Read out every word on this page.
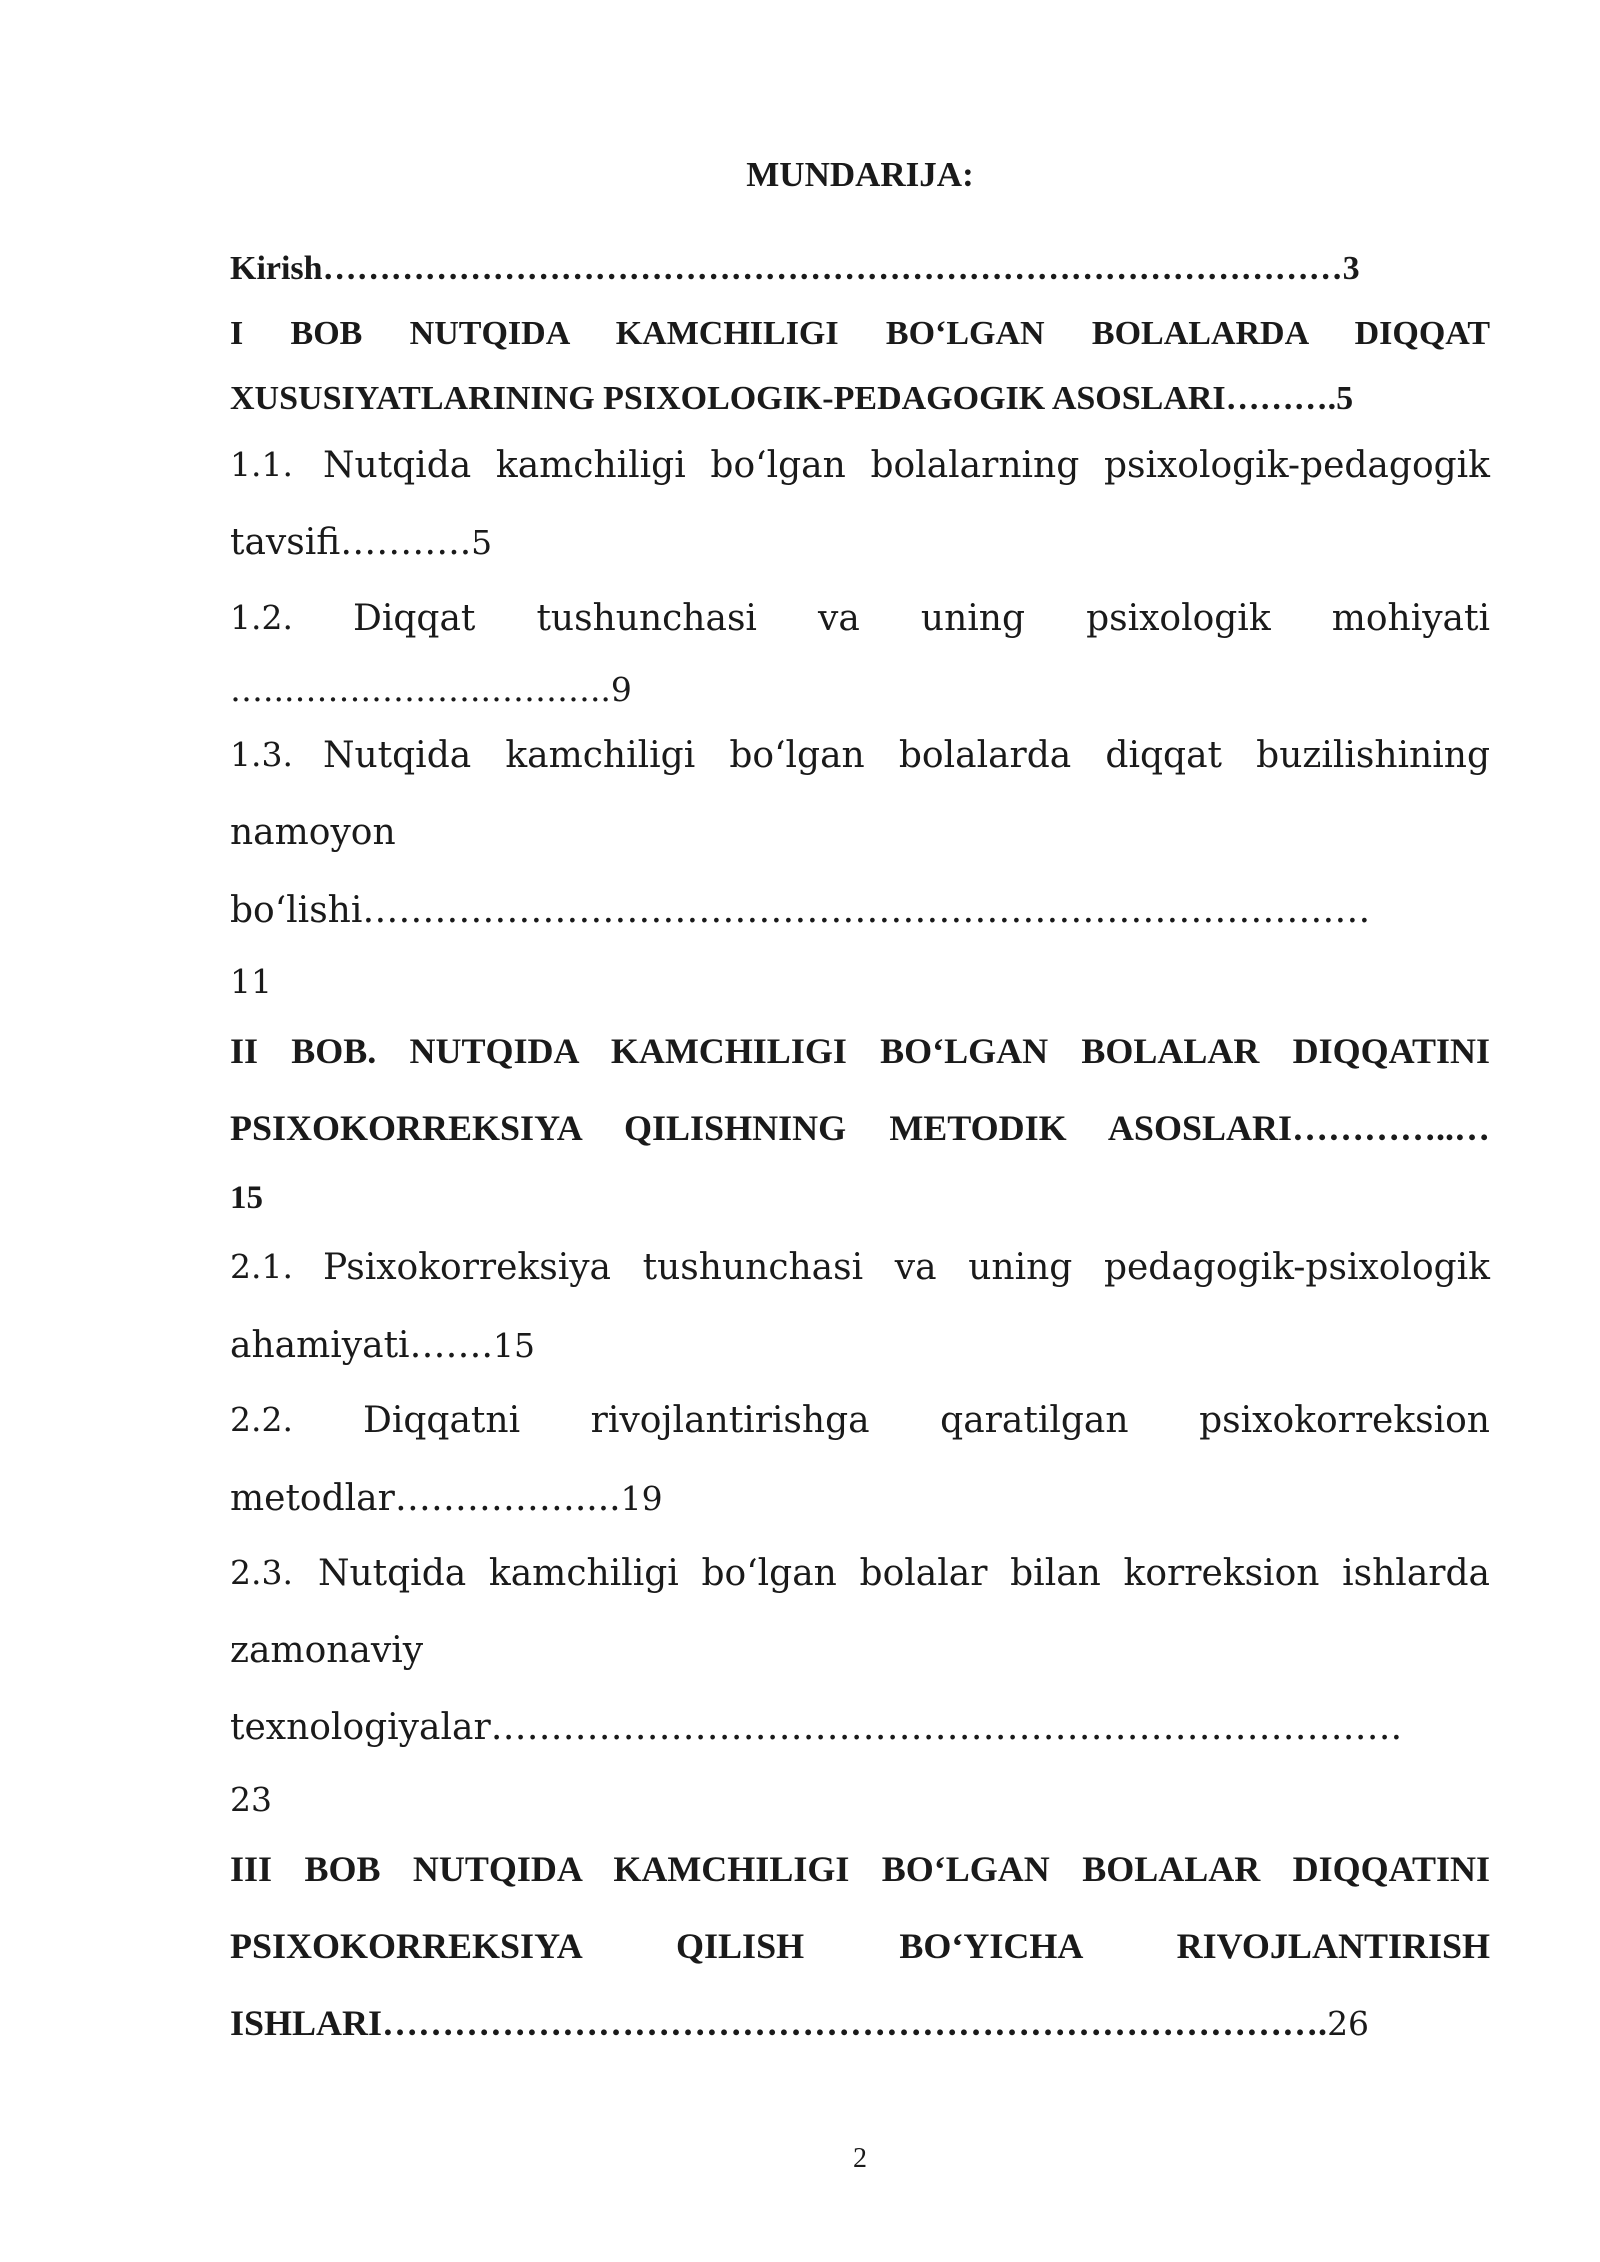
MUNDARIJA:
Kirish………………………………………………………………………………3
I BOB NUTQIDA KAMCHILIGI BO‘LGAN BOLALARDA DIQQAT
XUSUSIYATLARINING PSIXOLOGIK-PEDAGOGIK ASOSLARI……….5
1.1. Nutqida kamchiligi bo‘lgan bolalarning psixologik-pedagogik
tavsifi………..5
1.2. Diqqat tushunchasi va uning psixologik mohiyati
…...…….………..………..9
1.3. Nutqida kamchiligi bo‘lgan bolalarda diqqat buzilishining
namoyon
bo‘lishi…………………………………………………………………………
11
II BOB. NUTQIDA KAMCHILIGI BO‘LGAN BOLALAR DIQQATINI
PSIXOKORREKSIYA QILISHNING METODIK ASOSLARI…………..…
15
2.1. Psixokorreksiya tushunchasi va uning pedagogik-psixologik
ahamiyati…….15
2.2. Diqqatni rivojlantirishga qaratilgan psixokorreksion
metodlar……………....19
2.3. Nutqida kamchiligi bo‘lgan bolalar bilan korreksion ishlarda
zamonaviy
texnologiyalar………………………………………………………………….
23
III BOB NUTQIDA KAMCHILIGI BO‘LGAN BOLALAR DIQQATINI
PSIXOKORREKSIYA QILISH BO‘YICHA RIVOJLANTIRISH
ISHLARI…………………………………………………………………….26
2
